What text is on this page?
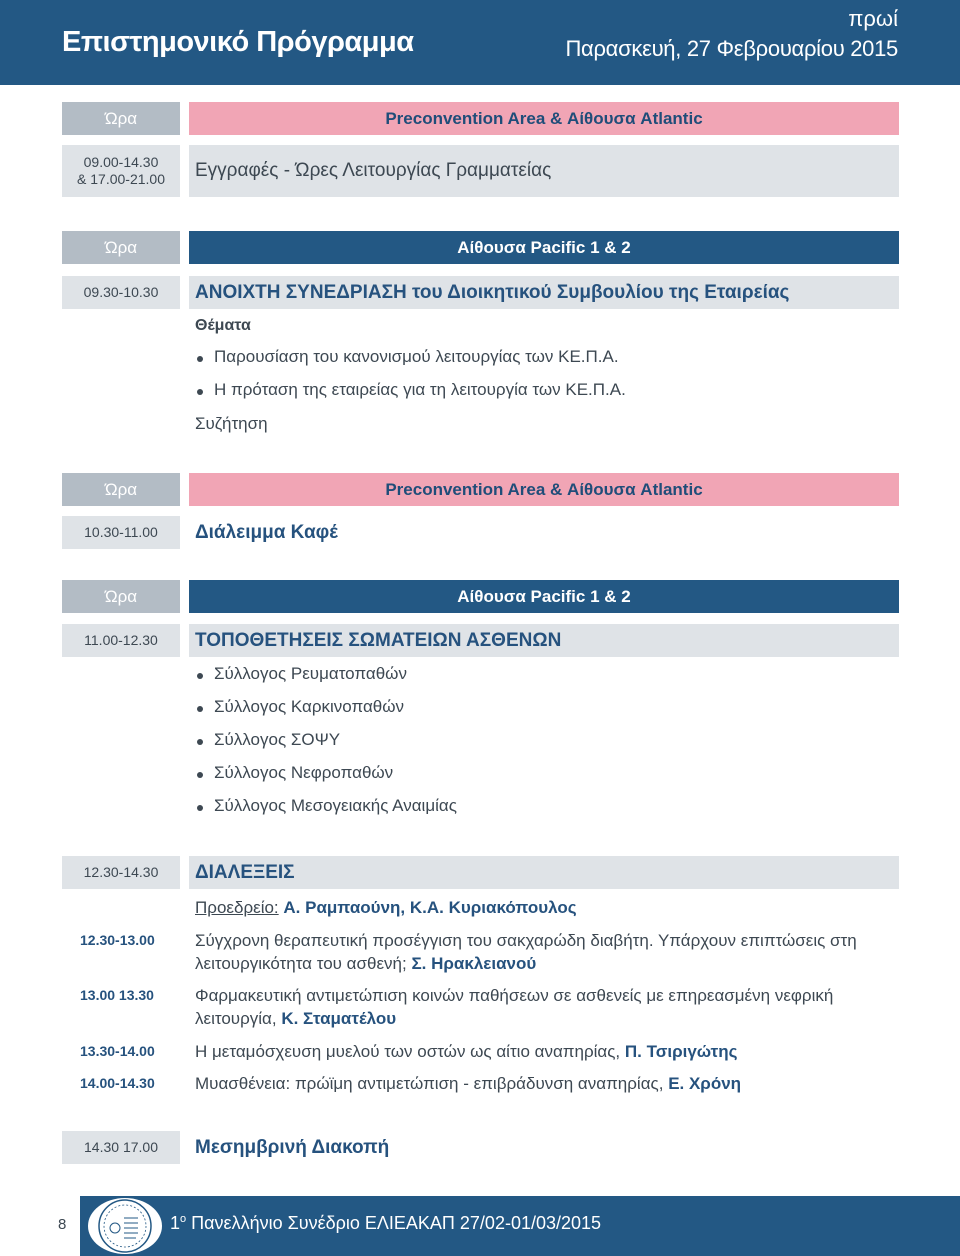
Επιστημονικό Πρόγραμμα
πρωί
Παρασκευή, 27 Φεβρουαρίου 2015
Ώρα	Preconvention Area & Αίθουσα Atlantic
09.00-14.30
& 17.00-21.00	Εγγραφές - Ώρες Λειτουργίας Γραμματείας
Ώρα	Αίθουσα Pacific 1 & 2
09.30-10.30	ΑΝΟΙΧΤΗ ΣΥΝΕΔΡΙΑΣΗ του Διοικητικού Συμβουλίου της Εταιρείας
Θέματα
Παρουσίαση του κανονισμού λειτουργίας των ΚΕ.Π.Α.
Η πρόταση της εταιρείας για τη λειτουργία των ΚΕ.Π.Α.
Συζήτηση
Ώρα	Preconvention Area & Αίθουσα Atlantic
10.30-11.00	Διάλειμμα Καφέ
Ώρα	Αίθουσα Pacific 1 & 2
11.00-12.30	ΤΟΠΟΘΕΤΗΣΕΙΣ ΣΩΜΑΤΕΙΩΝ ΑΣΘΕΝΩΝ
Σύλλογος Ρευματοπαθών
Σύλλογος Καρκινοπαθών
Σύλλογος ΣΟΨΥ
Σύλλογος Νεφροπαθών
Σύλλογος Μεσογειακής Αναιμίας
12.30-14.30	ΔΙΑΛΕΞΕΙΣ
Προεδρείο: Α. Ραμπαούνη, Κ.Α. Κυριακόπουλος
12.30-13.00 Σύγχρονη θεραπευτική προσέγγιση του σακχαρώδη διαβήτη. Υπάρχουν επιπτώσεις στη λειτουργικότητα του ασθενή; Σ. Ηρακλειανού
13.00 13.30 Φαρμακευτική αντιμετώπιση κοινών παθήσεων σε ασθενείς με επηρεασμένη νεφρική λειτουργία, Κ. Σταματέλου
13.30-14.00 Η μεταμόσχευση μυελού των οστών ως αίτιο αναπηρίας, Π. Τσιριγώτης
14.00-14.30 Μυασθένεια: πρώϊμη αντιμετώπιση - επιβράδυνση αναπηρίας, Ε. Χρόνη
14.30 17.00	Μεσημβρινή Διακοπή
8	$1^o$ Πανελλήνιο Συνέδριο ΕΛΙΕΑΚΑΠ 27/02-01/03/2015
